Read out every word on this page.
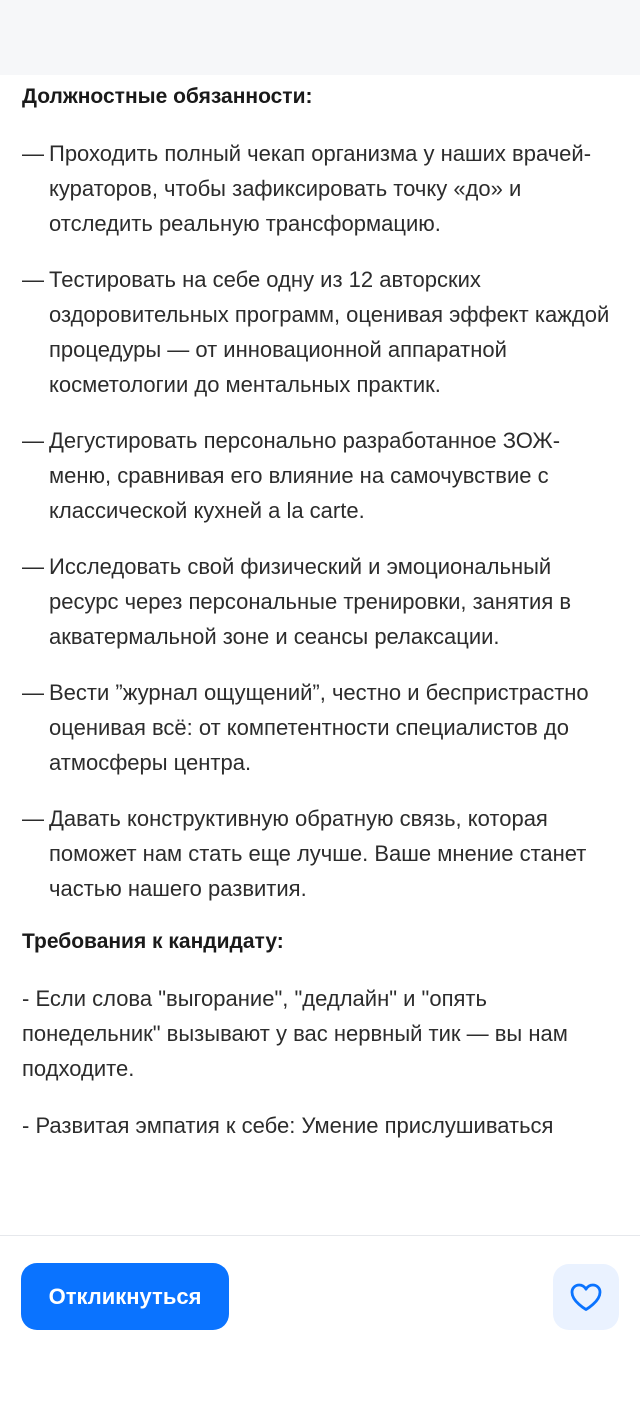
Должностные обязанности:
— Проходить полный чекап организма у наших врачей-кураторов, чтобы зафиксировать точку «до» и отследить реальную трансформацию.
— Тестировать на себе одну из 12 авторских оздоровительных программ, оценивая эффект каждой процедуры — от инновационной аппаратной косметологии до ментальных практик.
— Дегустировать персонально разработанное ЗОЖ-меню, сравнивая его влияние на самочувствие с классической кухней a la carte.
— Исследовать свой физический и эмоциональный ресурс через персональные тренировки, занятия в акватермальной зоне и сеансы релаксации.
— Вести ”журнал ощущений”, честно и беспристрастно оценивая всё: от компетентности специалистов до атмосферы центра.
— Давать конструктивную обратную связь, которая поможет нам стать еще лучше. Ваше мнение станет частью нашего развития.
Требования к кандидату:
- Если слова "выгорание", "дедлайн" и "опять понедельник" вызывают у вас нервный тик — вы нам подходите.
- Развитая эмпатия к себе: Умение прислушиваться
Откликнуться
